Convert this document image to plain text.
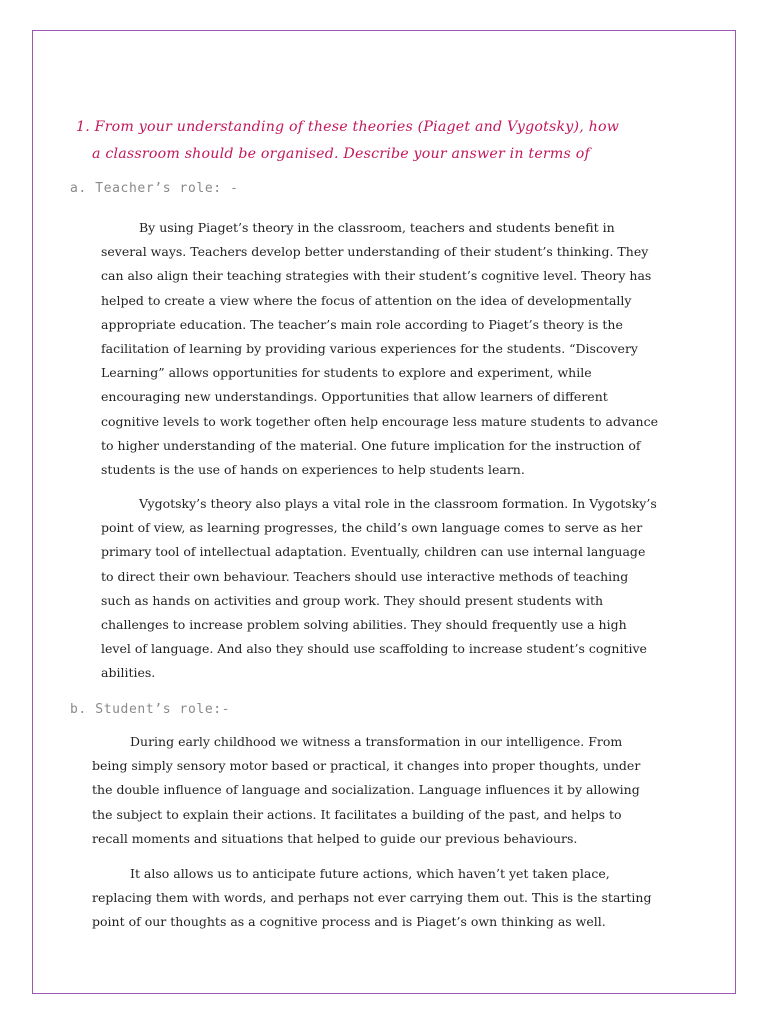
1. From your understanding of these theories (Piaget and Vygotsky), how
a classroom should be organised. Describe your answer in terms of
a. Teacher’s role: -
By using Piaget’s theory in the classroom, teachers and students benefit in
several ways. Teachers develop better understanding of their student’s thinking. They
can also align their teaching strategies with their student’s cognitive level. Theory has
helped to create a view where the focus of attention on the idea of developmentally
appropriate education. The teacher’s main role according to Piaget’s theory is the
facilitation of learning by providing various experiences for the students. “Discovery
Learning” allows opportunities for students to explore and experiment, while
encouraging new understandings. Opportunities that allow learners of different
cognitive levels to work together often help encourage less mature students to advance
to higher understanding of the material. One future implication for the instruction of
students is the use of hands on experiences to help students learn.
Vygotsky’s theory also plays a vital role in the classroom formation. In Vygotsky’s
point of view, as learning progresses, the child’s own language comes to serve as her
primary tool of intellectual adaptation. Eventually, children can use internal language
to direct their own behaviour. Teachers should use interactive methods of teaching
such as hands on activities and group work. They should present students with
challenges to increase problem solving abilities. They should frequently use a high
level of language. And also they should use scaffolding to increase student’s cognitive
abilities.
b. Student’s role:-
During early childhood we witness a transformation in our intelligence. From
being simply sensory motor based or practical, it changes into proper thoughts, under
the double influence of language and socialization. Language influences it by allowing
the subject to explain their actions. It facilitates a building of the past, and helps to
recall moments and situations that helped to guide our previous behaviours.
It also allows us to anticipate future actions, which haven’t yet taken place,
replacing them with words, and perhaps not ever carrying them out. This is the starting
point of our thoughts as a cognitive process and is Piaget’s own thinking as well.
